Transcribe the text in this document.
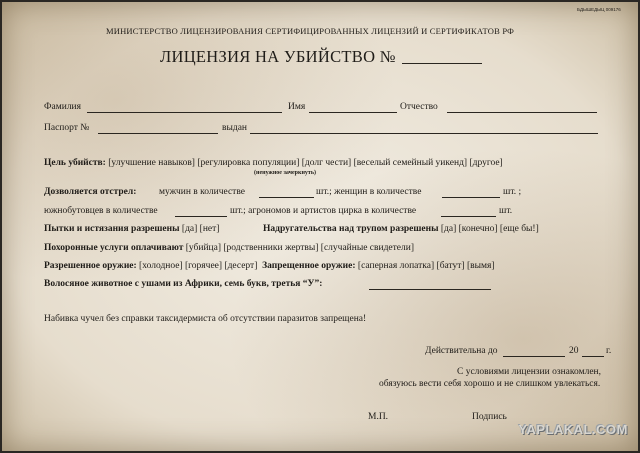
БДЫШЕДЫЦ 009176
МИНИСТЕРСТВО ЛИЦЕНЗИРОВАНИЯ СЕРТИФИЦИРОВАННЫХ ЛИЦЕНЗИЙ И СЕРТИФИКАТОВ РФ
ЛИЦЕНЗИЯ НА УБИЙСТВО №
Фамилия	Имя	Отчество
Паспорт №	выдан
Цель убийств: [улучшение навыков] [регулировка популяции] [долг чести] [веселый семейный уикенд] [другое]
(ненужное зачеркнуть)
Дозволяется отстрел: мужчин в количестве	шт.; женщин в количестве	шт. ;
южнобутовцев в количестве	шт.; агрономов и артистов цирка в количестве	шт.
Пытки и истязания разрешены [да] [нет]	Надругательства над трупом разрешены [да] [конечно] [еще бы!]
Похоронные услуги оплачивают [убийца] [родственники жертвы] [случайные свидетели]
Разрешенное оружие: [холодное] [горячее] [десерт] Запрещенное оружие: [саперная лопатка] [батут] [вымя]
Волосяное животное с ушами из Африки, семь букв, третья “У”:
Набивка чучел без справки таксидермиста об отсутствии паразитов запрещена!
Действительна до	20	г.
С условиями лицензии ознакомлен,
обязуюсь вести себя хорошо и не слишком увлекаться.
М.П.	Подпись
YAPLAKAL.COM
